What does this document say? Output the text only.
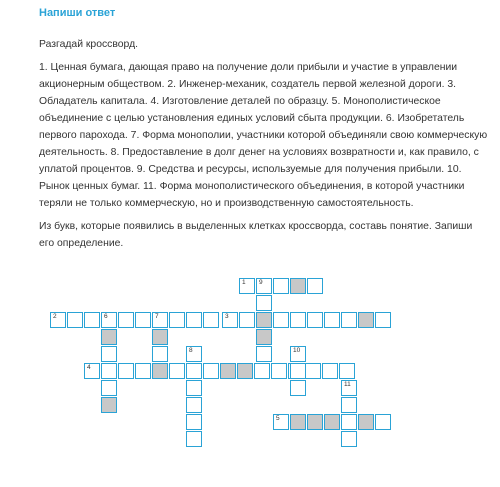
Напиши ответ

Разгадай кроссворд.

1. Ценная бумага, дающая право на получение доли прибыли и участие в управлении акционерным обществом. 2. Инженер-механик, создатель первой железной дороги. 3. Обладатель капитала. 4. Изготовление деталей по образцу. 5. Монополистическое объединение с целью установления единых условий сбыта продукции. 6. Изобретатель первого парохода. 7. Форма монополии, участники которой объединяли свою коммерческую деятельность. 8. Предоставление в долг денег на условиях возвратности и, как правило, с уплатой процентов. 9. Средства и ресурсы, используемые для получения прибыли. 10. Рынок ценных бумаг. 11. Форма монополистического объединения, в которой участники теряли не только коммерческую, но и производственную самостоятельность.

Из букв, которые появились в выделенных клетках кроссворда, составь понятие. Запиши его определение.

1 9
2	6	7	3
4
5
8	10
11
